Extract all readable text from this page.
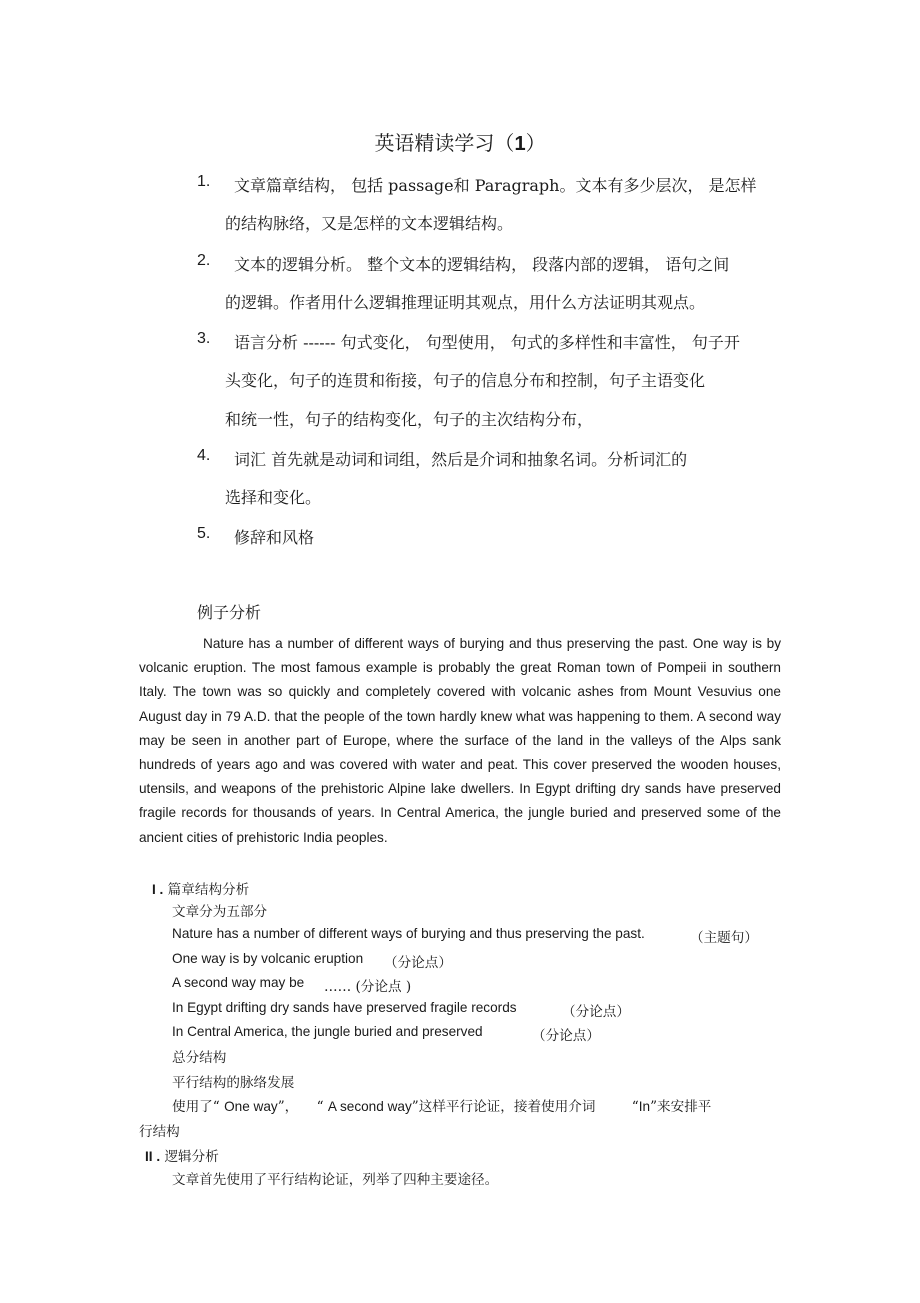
英语精读学习（1）
1. 文章篇章结构， 包括 passage和 Paragraph。文本有多少层次， 是怎样
的结构脉络，又是怎样的文本逻辑结构。
2. 文本的逻辑分析。 整个文本的逻辑结构， 段落内部的逻辑， 语句之间
的逻辑。作者用什么逻辑推理证明其观点，用什么方法证明其观点。
3. 语言分析 ------ 句式变化， 句型使用， 句式的多样性和丰富性， 句子开
头变化，句子的连贯和衔接，句子的信息分布和控制，句子主语变化
和统一性，句子的结构变化，句子的主次结构分布，
4. 词汇 首先就是动词和词组，然后是介词和抽象名词。分析词汇的
选择和变化。
5. 修辞和风格
例子分析
Nature has a number of different ways of burying and thus preserving the past. One way is by volcanic eruption. The most famous example is probably the great Roman town of Pompeii in southern Italy. The town was so quickly and completely covered with volcanic ashes from Mount Vesuvius one August day in 79 A.D. that the people of the town hardly knew what was happening to them. A second way may be seen in another part of Europe, where the surface of the land in the valleys of the Alps sank hundreds of years ago and was covered with water and peat. This cover preserved the wooden houses, utensils, and weapons of the prehistoric Alpine lake dwellers. In Egypt drifting dry sands have preserved fragile records for thousands of years. In Central America, the jungle buried and preserved some of the ancient cities of prehistoric India peoples.
I . 篇章结构分析
文章分为五部分
Nature has a number of different ways of burying and thus preserving the past.	（主题句）
One way is by volcanic eruption （分论点）
A second way may be …… (分论点 )
In Egypt drifting dry sands have preserved fragile records	（分论点）
In Central America, the jungle buried and preserved	（分论点）
总分结构
平行结构的脉络发展
使用了“ One way”， “ A second way”这样平行论证，接着使用介词	“In”来安排平
行结构
II . 逻辑分析
文章首先使用了平行结构论证，列举了四种主要途径。
